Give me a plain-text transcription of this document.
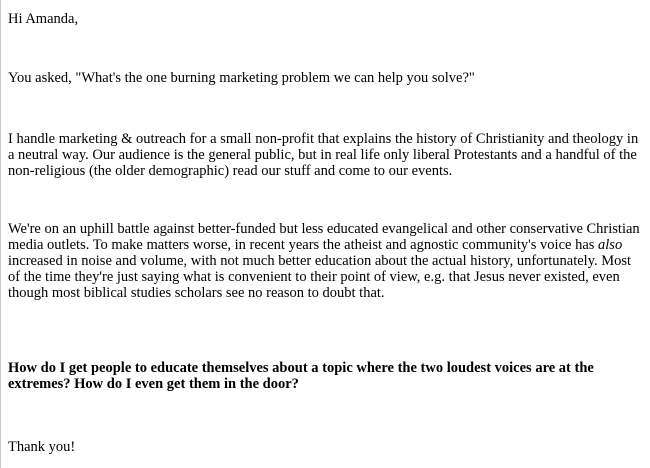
Hi Amanda,

You asked, "What's the one burning marketing problem we can help you solve?"

I handle marketing & outreach for a small non-profit that explains the history of Christianity and theology in a neutral way. Our audience is the general public, but in real life only liberal Protestants and a handful of the non-religious (the older demographic) read our stuff and come to our events.

We're on an uphill battle against better-funded but less educated evangelical and other conservative Christian media outlets. To make matters worse, in recent years the atheist and agnostic community's voice has also increased in noise and volume, with not much better education about the actual history, unfortunately. Most of the time they're just saying what is convenient to their point of view, e.g. that Jesus never existed, even though most biblical studies scholars see no reason to doubt that.

How do I get people to educate themselves about a topic where the two loudest voices are at the extremes? How do I even get them in the door?

Thank you!
